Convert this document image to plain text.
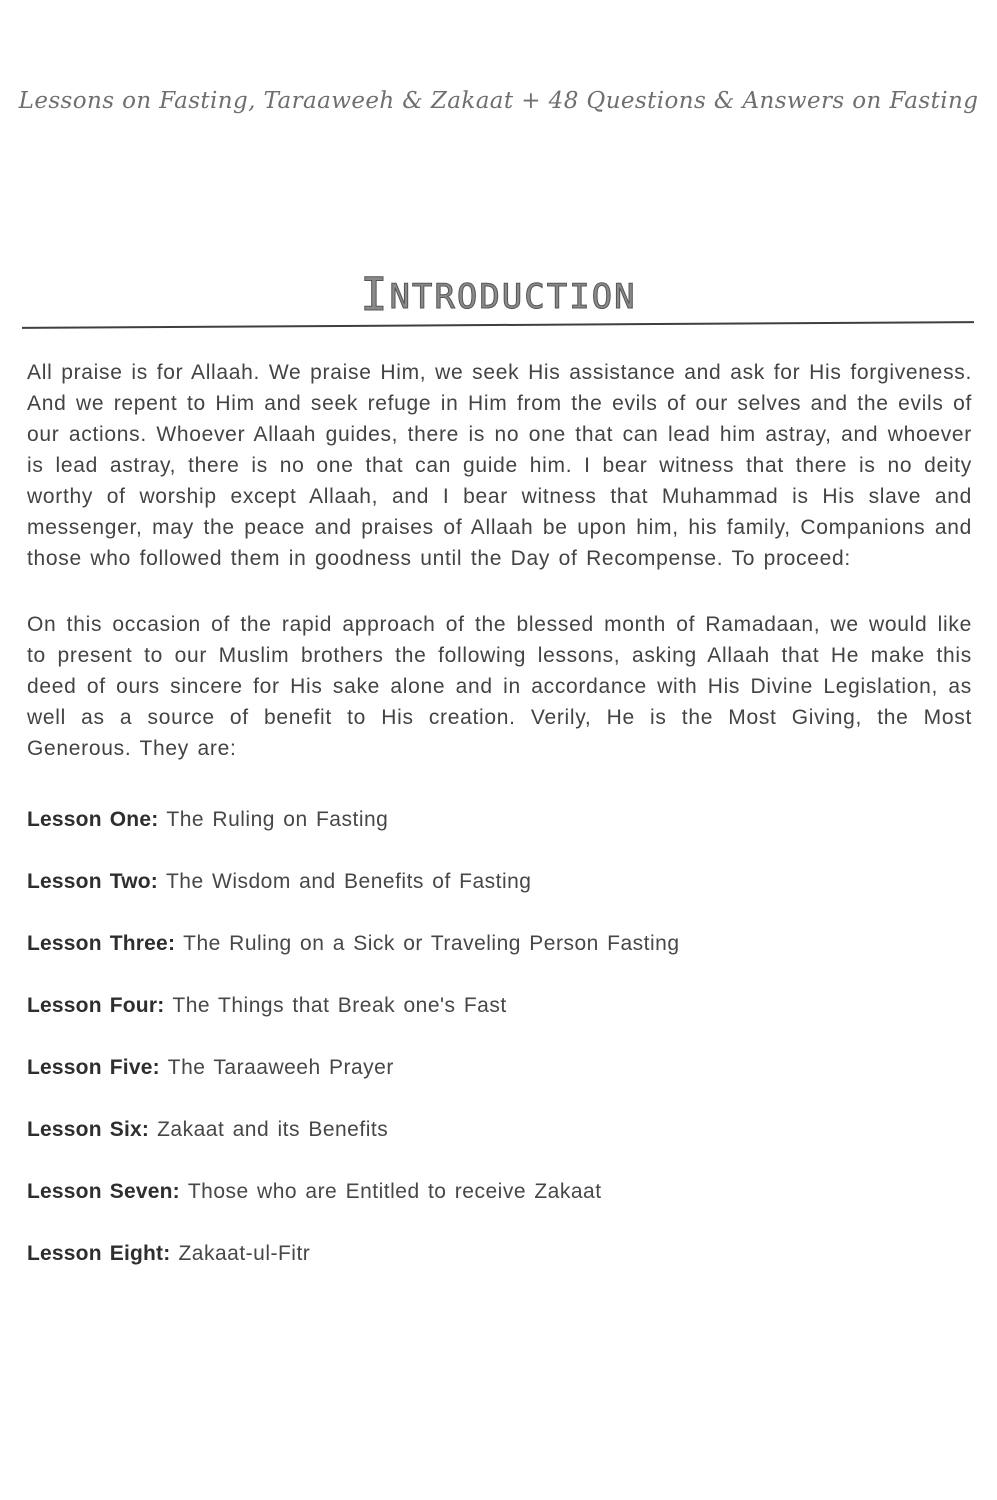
Lessons on Fasting, Taraaweeh & Zakaat + 48 Questions & Answers on Fasting
INTRODUCTION

All praise is for Allaah. We praise Him, we seek His assistance and ask for His forgiveness. And we repent to Him and seek refuge in Him from the evils of our selves and the evils of our actions. Whoever Allaah guides, there is no one that can lead him astray, and whoever is lead astray, there is no one that can guide him. I bear witness that there is no deity worthy of worship except Allaah, and I bear witness that Muhammad is His slave and messenger, may the peace and praises of Allaah be upon him, his family, Companions and those who followed them in goodness until the Day of Recompense. To proceed:

On this occasion of the rapid approach of the blessed month of Ramadaan, we would like to present to our Muslim brothers the following lessons, asking Allaah that He make this deed of ours sincere for His sake alone and in accordance with His Divine Legislation, as well as a source of benefit to His creation. Verily, He is the Most Giving, the Most Generous. They are:

Lesson One: The Ruling on Fasting
Lesson Two: The Wisdom and Benefits of Fasting
Lesson Three: The Ruling on a Sick or Traveling Person Fasting
Lesson Four: The Things that Break one's Fast
Lesson Five: The Taraaweeh Prayer
Lesson Six: Zakaat and its Benefits
Lesson Seven: Those who are Entitled to receive Zakaat
Lesson Eight: Zakaat-ul-Fitr
